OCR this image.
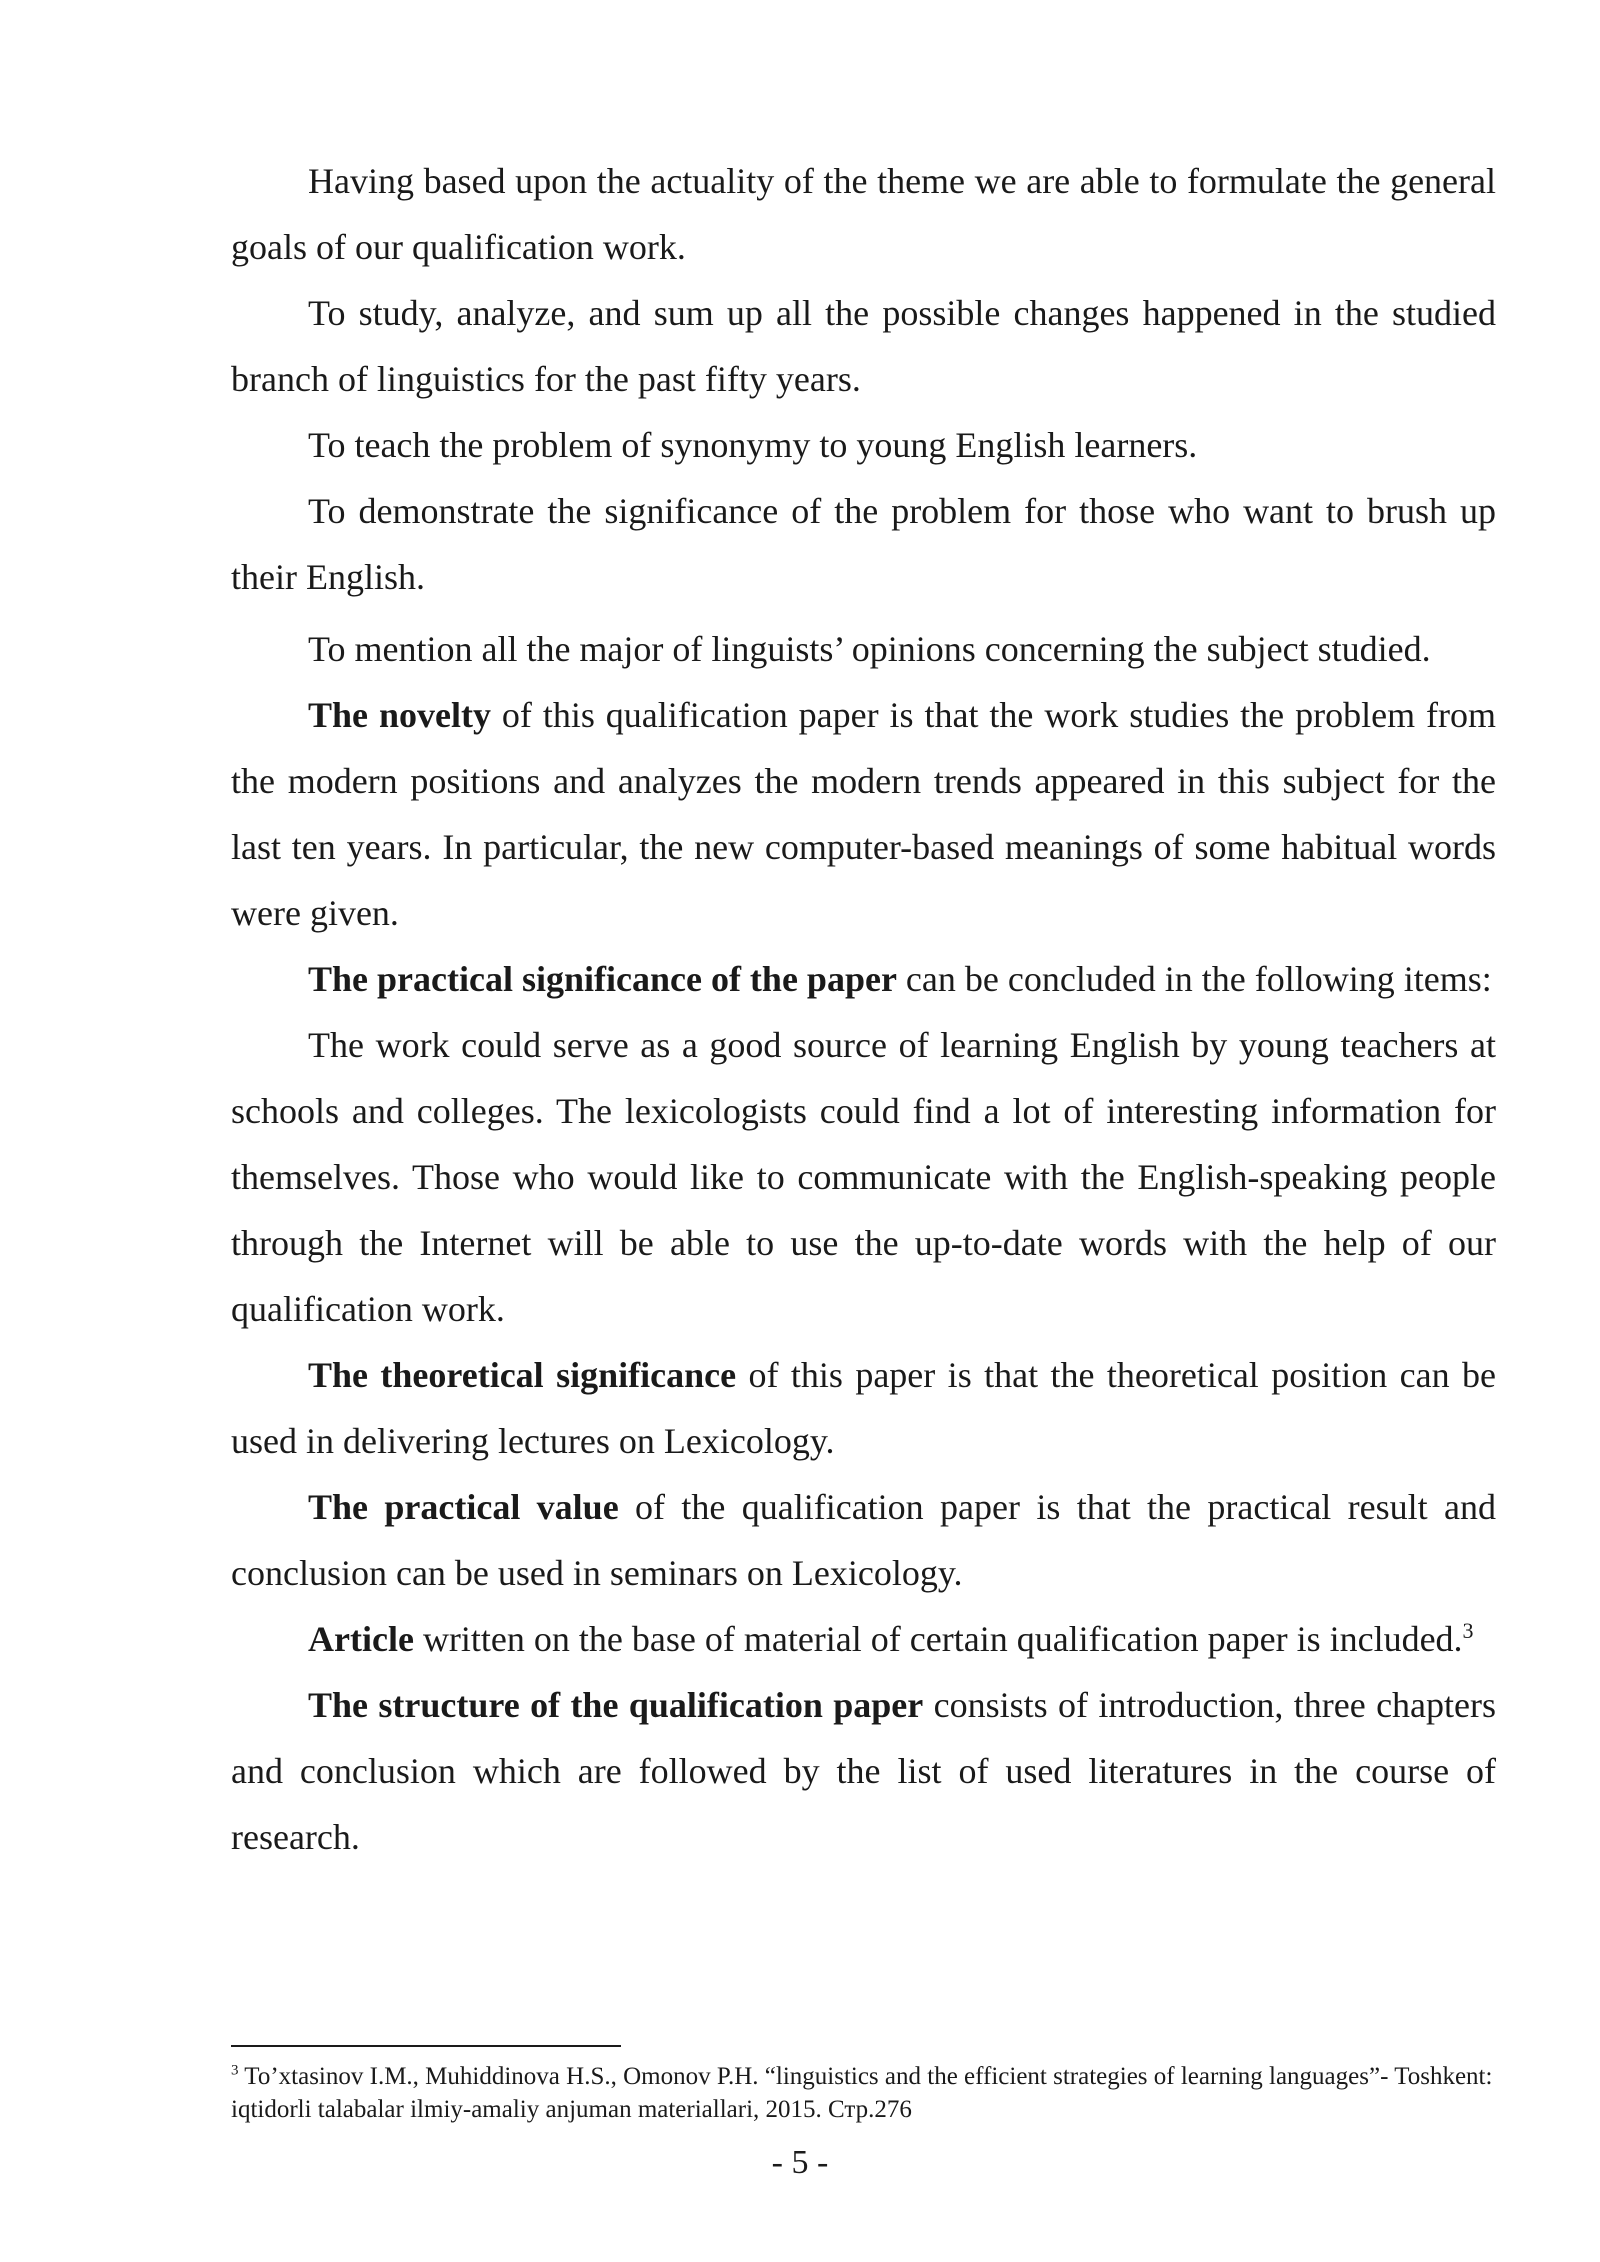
Having based upon the actuality of the theme we are able to formulate the general goals of our qualification work.

To study, analyze, and sum up all the possible changes happened in the studied branch of linguistics for the past fifty years.

To teach the problem of synonymy to young English learners.

To demonstrate the significance of the problem for those who want to brush up their English.

To mention all the major of linguists’ opinions concerning the subject studied.

The novelty of this qualification paper is that the work studies the problem from the modern positions and analyzes the modern trends appeared in this subject for the last ten years. In particular, the new computer-based meanings of some habitual words were given.

The practical significance of the paper can be concluded in the following items:

The work could serve as a good source of learning English by young teachers at schools and colleges. The lexicologists could find a lot of interesting information for themselves. Those who would like to communicate with the English-speaking people through the Internet will be able to use the up-to-date words with the help of our qualification work.

The theoretical significance of this paper is that the theoretical position can be used in delivering lectures on Lexicology.

The practical value of the qualification paper is that the practical result and conclusion can be used in seminars on Lexicology.

Article written on the base of material of certain qualification paper is included.$^3$

The structure of the qualification paper consists of introduction, three chapters and conclusion which are followed by the list of used literatures in the course of research.

$^3$ To’xtasinov I.M., Muhiddinova H.S., Omonov P.H. “linguistics and the efficient strategies of learning languages”- Toshkent: iqtidorli talabalar ilmiy-amaliy anjuman materiallari, 2015. Стр.276
- 5 -
